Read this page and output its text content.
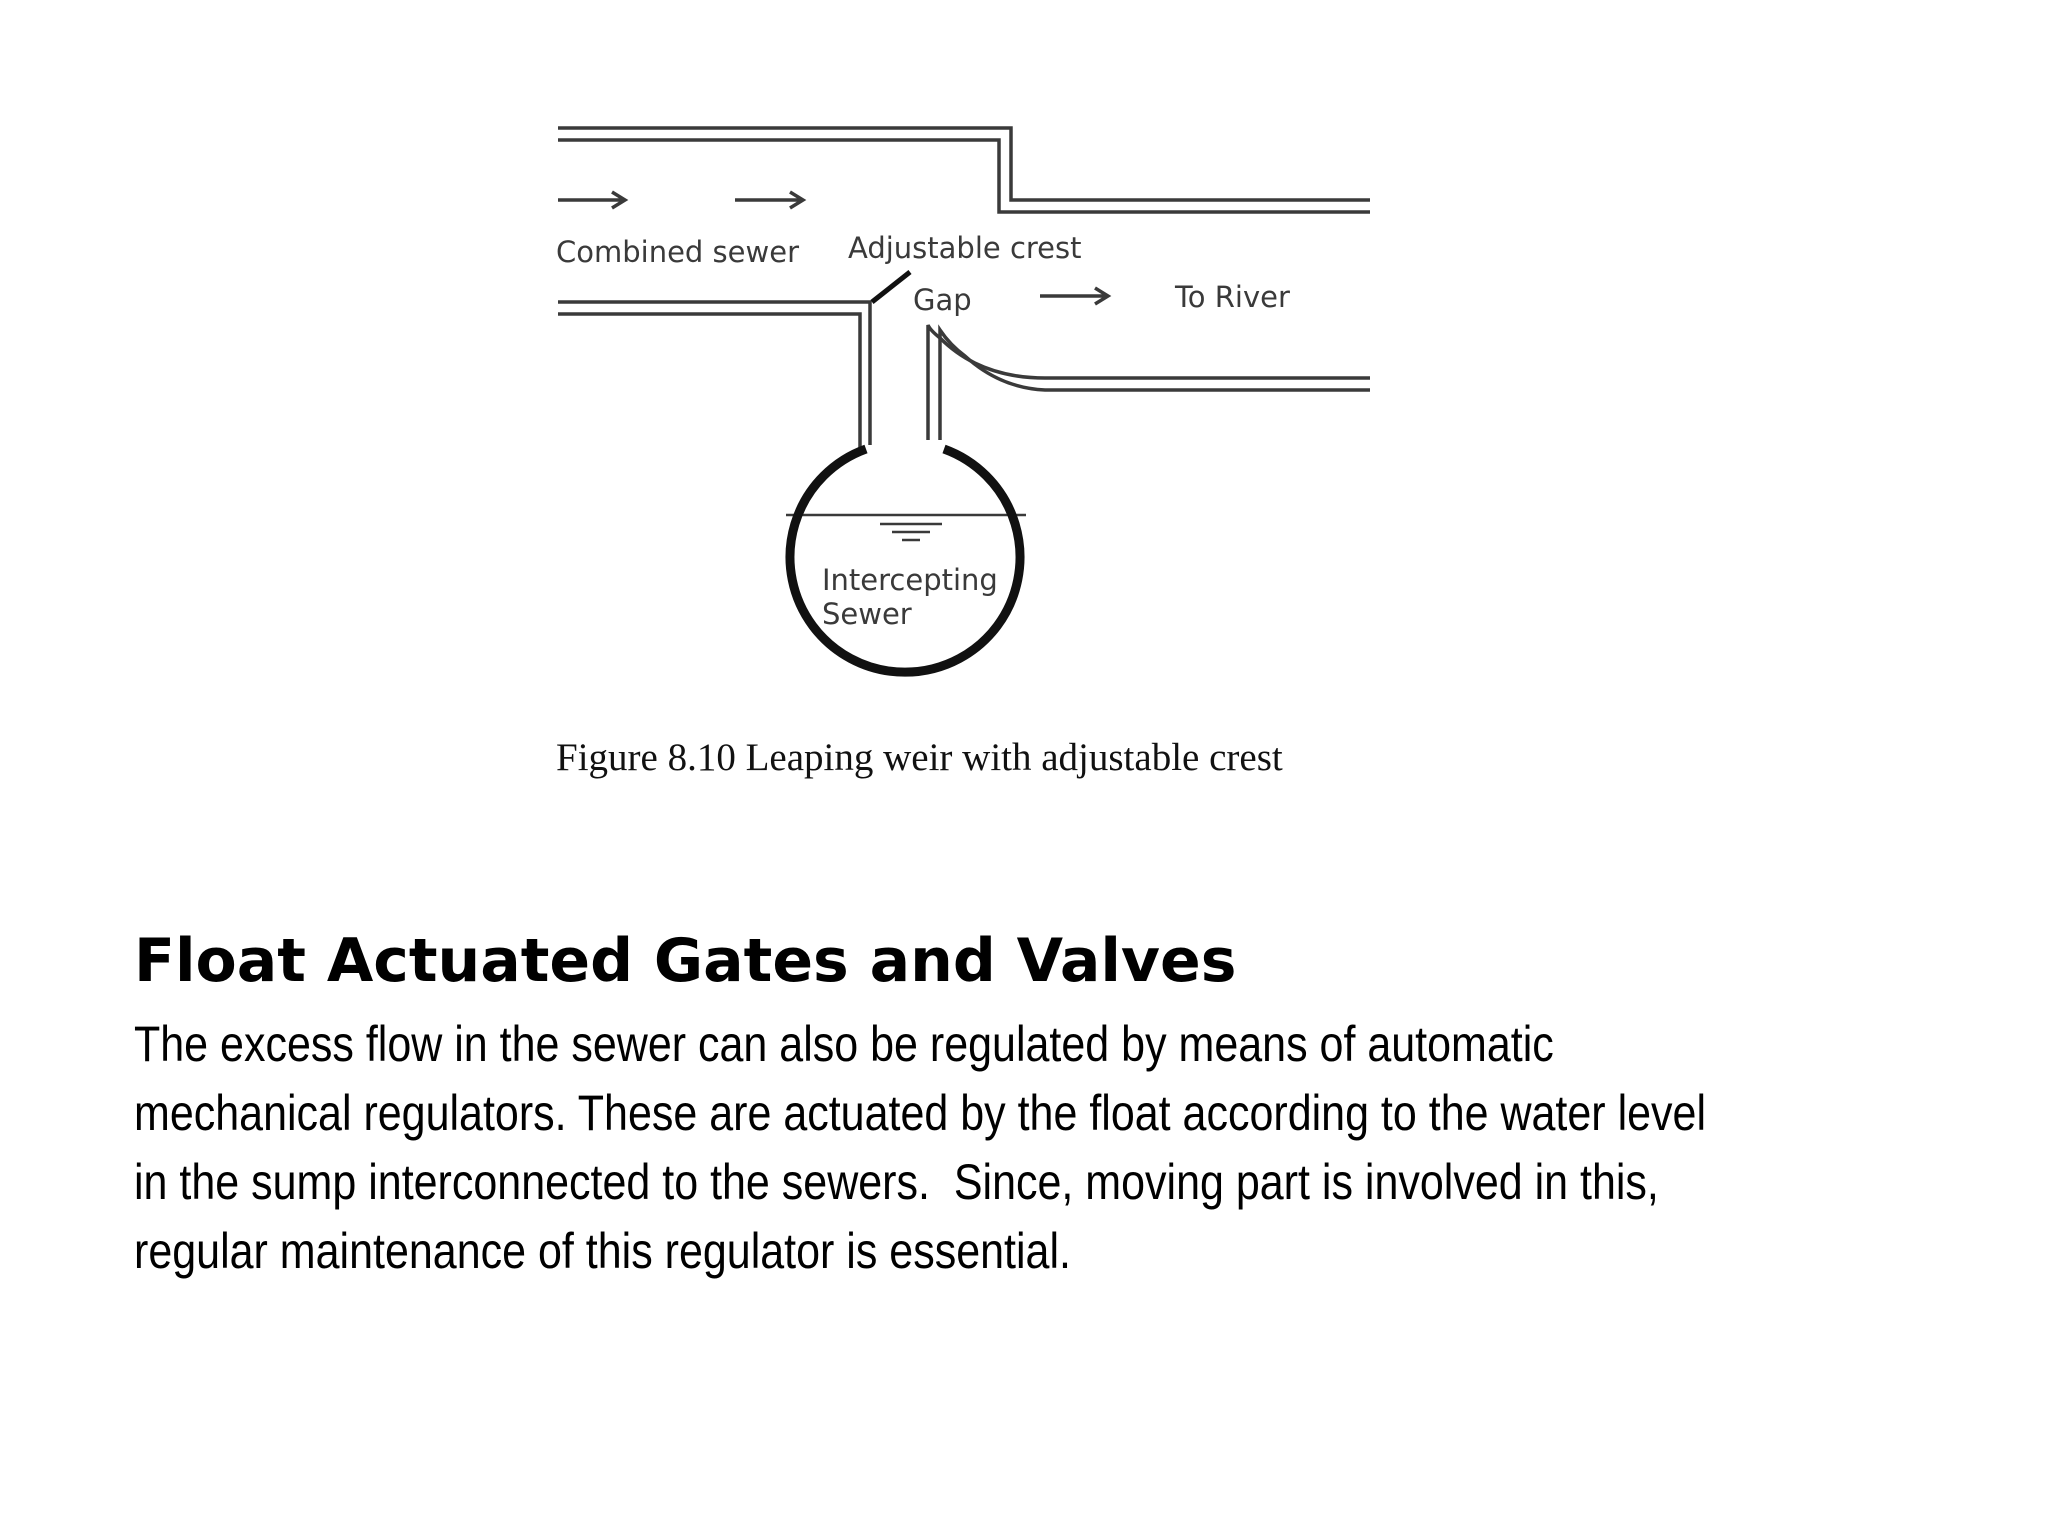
Combined sewer Adjustable crest
Gap	To River
Intercepting
Sewer
Figure 8.10 Leaping weir with adjustable crest
Float Actuated Gates and Valves

The excess flow in the sewer can also be regulated by means of automatic
mechanical regulators. These are actuated by the float according to the water level
in the sump interconnected to the sewers.  Since, moving part is involved in this,
regular maintenance of this regulator is essential.
